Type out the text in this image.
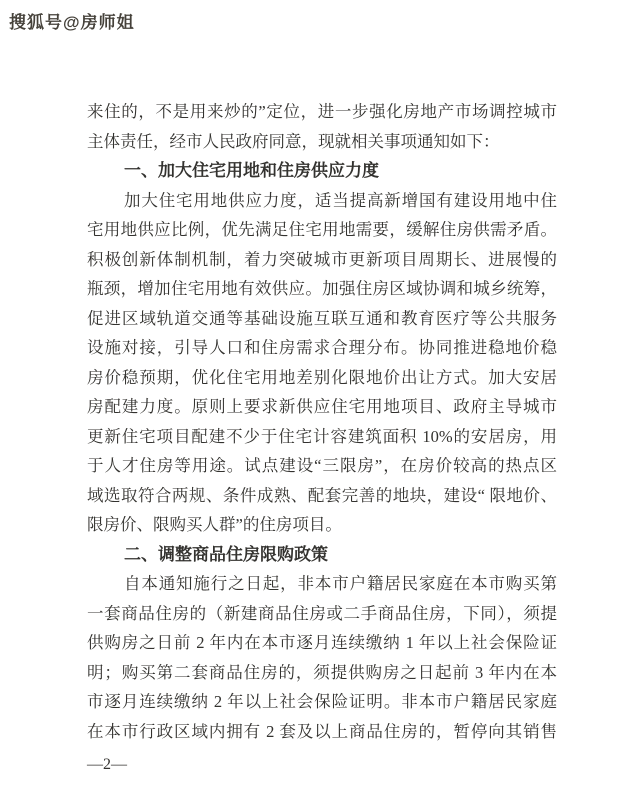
搜狐号@房师姐
来住的，不是用来炒的”定位，进一步强化房地产市场调控城市
主体责任，经市人民政府同意，现就相关事项通知如下：
一、加大住宅用地和住房供应力度
加大住宅用地供应力度，适当提高新增国有建设用地中住
宅用地供应比例，优先满足住宅用地需要，缓解住房供需矛盾。
积极创新体制机制，着力突破城市更新项目周期长、进展慢的
瓶颈，增加住宅用地有效供应。加强住房区域协调和城乡统筹，
促进区域轨道交通等基础设施互联互通和教育医疗等公共服务
设施对接，引导人口和住房需求合理分布。协同推进稳地价稳
房价稳预期，优化住宅用地差别化限地价出让方式。加大安居
房配建力度。原则上要求新供应住宅用地项目、政府主导城市
更新住宅项目配建不少于住宅计容建筑面积 10%的安居房，用
于人才住房等用途。试点建设“三限房”，在房价较高的热点区
域选取符合两规、条件成熟、配套完善的地块，建设“ 限地价、
限房价、限购买人群”的住房项目。
二、调整商品住房限购政策
自本通知施行之日起，非本市户籍居民家庭在本市购买第
一套商品住房的（新建商品住房或二手商品住房，下同），须提
供购房之日前 2 年内在本市逐月连续缴纳 1 年以上社会保险证
明；购买第二套商品住房的，须提供购房之日起前 3 年内在本
市逐月连续缴纳 2 年以上社会保险证明。非本市户籍居民家庭
在本市行政区域内拥有 2 套及以上商品住房的，暂停向其销售
—2—
